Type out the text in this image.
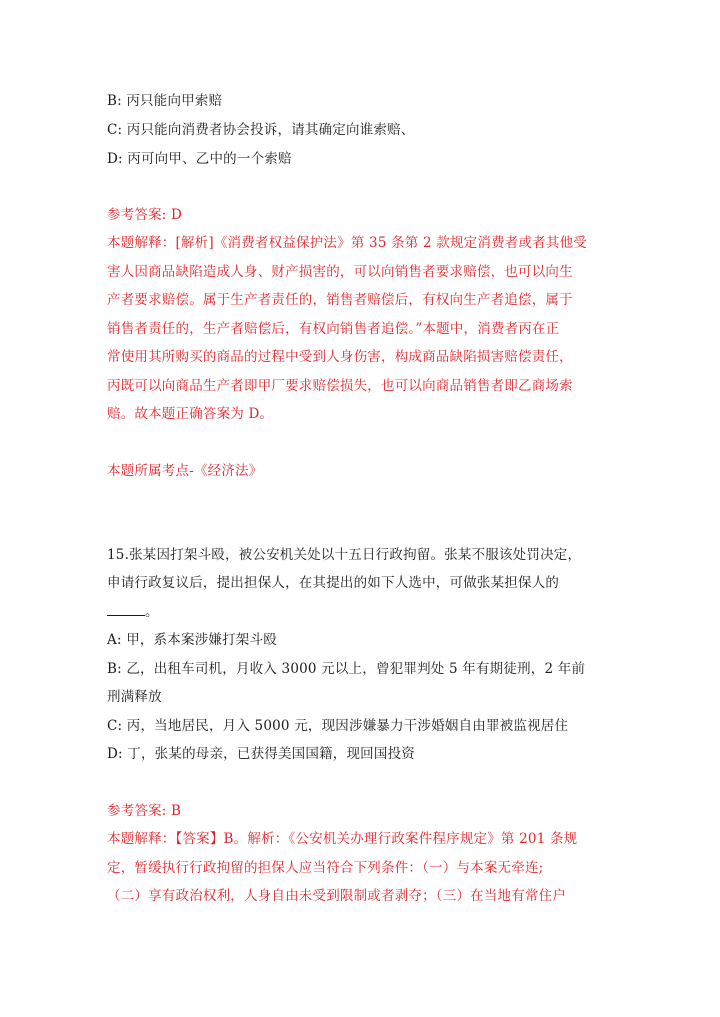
B: 丙只能向甲索赔
C: 丙只能向消费者协会投诉，请其确定向谁索赔、
D: 丙可向甲、乙中的一个索赔
参考答案: D
本题解释：[解析]《消费者权益保护法》第 35 条第 2 款规定消费者或者其他受
害人因商品缺陷造成人身、财产损害的，可以向销售者要求赔偿，也可以向生
产者要求赔偿。属于生产者责任的，销售者赔偿后，有权向生产者追偿，属于
销售者责任的，生产者赔偿后，有权向销售者追偿。”本题中，消费者丙在正
常使用其所购买的商品的过程中受到人身伤害，构成商品缺陷损害赔偿责任，
丙既可以向商品生产者即甲厂要求赔偿损失，也可以向商品销售者即乙商场索
赔。故本题正确答案为 D。
本题所属考点-《经济法》
15.张某因打架斗殴，被公安机关处以十五日行政拘留。张某不服该处罚决定，
申请行政复议后，提出担保人，在其提出的如下人选中，可做张某担保人的
。
A: 甲，系本案涉嫌打架斗殴
B: 乙，出租车司机，月收入 3000 元以上，曾犯罪判处 5 年有期徒刑，2 年前
刑满释放
C: 丙，当地居民，月入 5000 元，现因涉嫌暴力干涉婚姻自由罪被监视居住
D: 丁，张某的母亲，已获得美国国籍，现回国投资
参考答案: B
本题解释：【答案】B。解析：《公安机关办理行政案件程序规定》第 201 条规
定，暂缓执行行政拘留的担保人应当符合下列条件：（一）与本案无牵连;
（二）享有政治权利，人身自由未受到限制或者剥夺；（三）在当地有常住户
